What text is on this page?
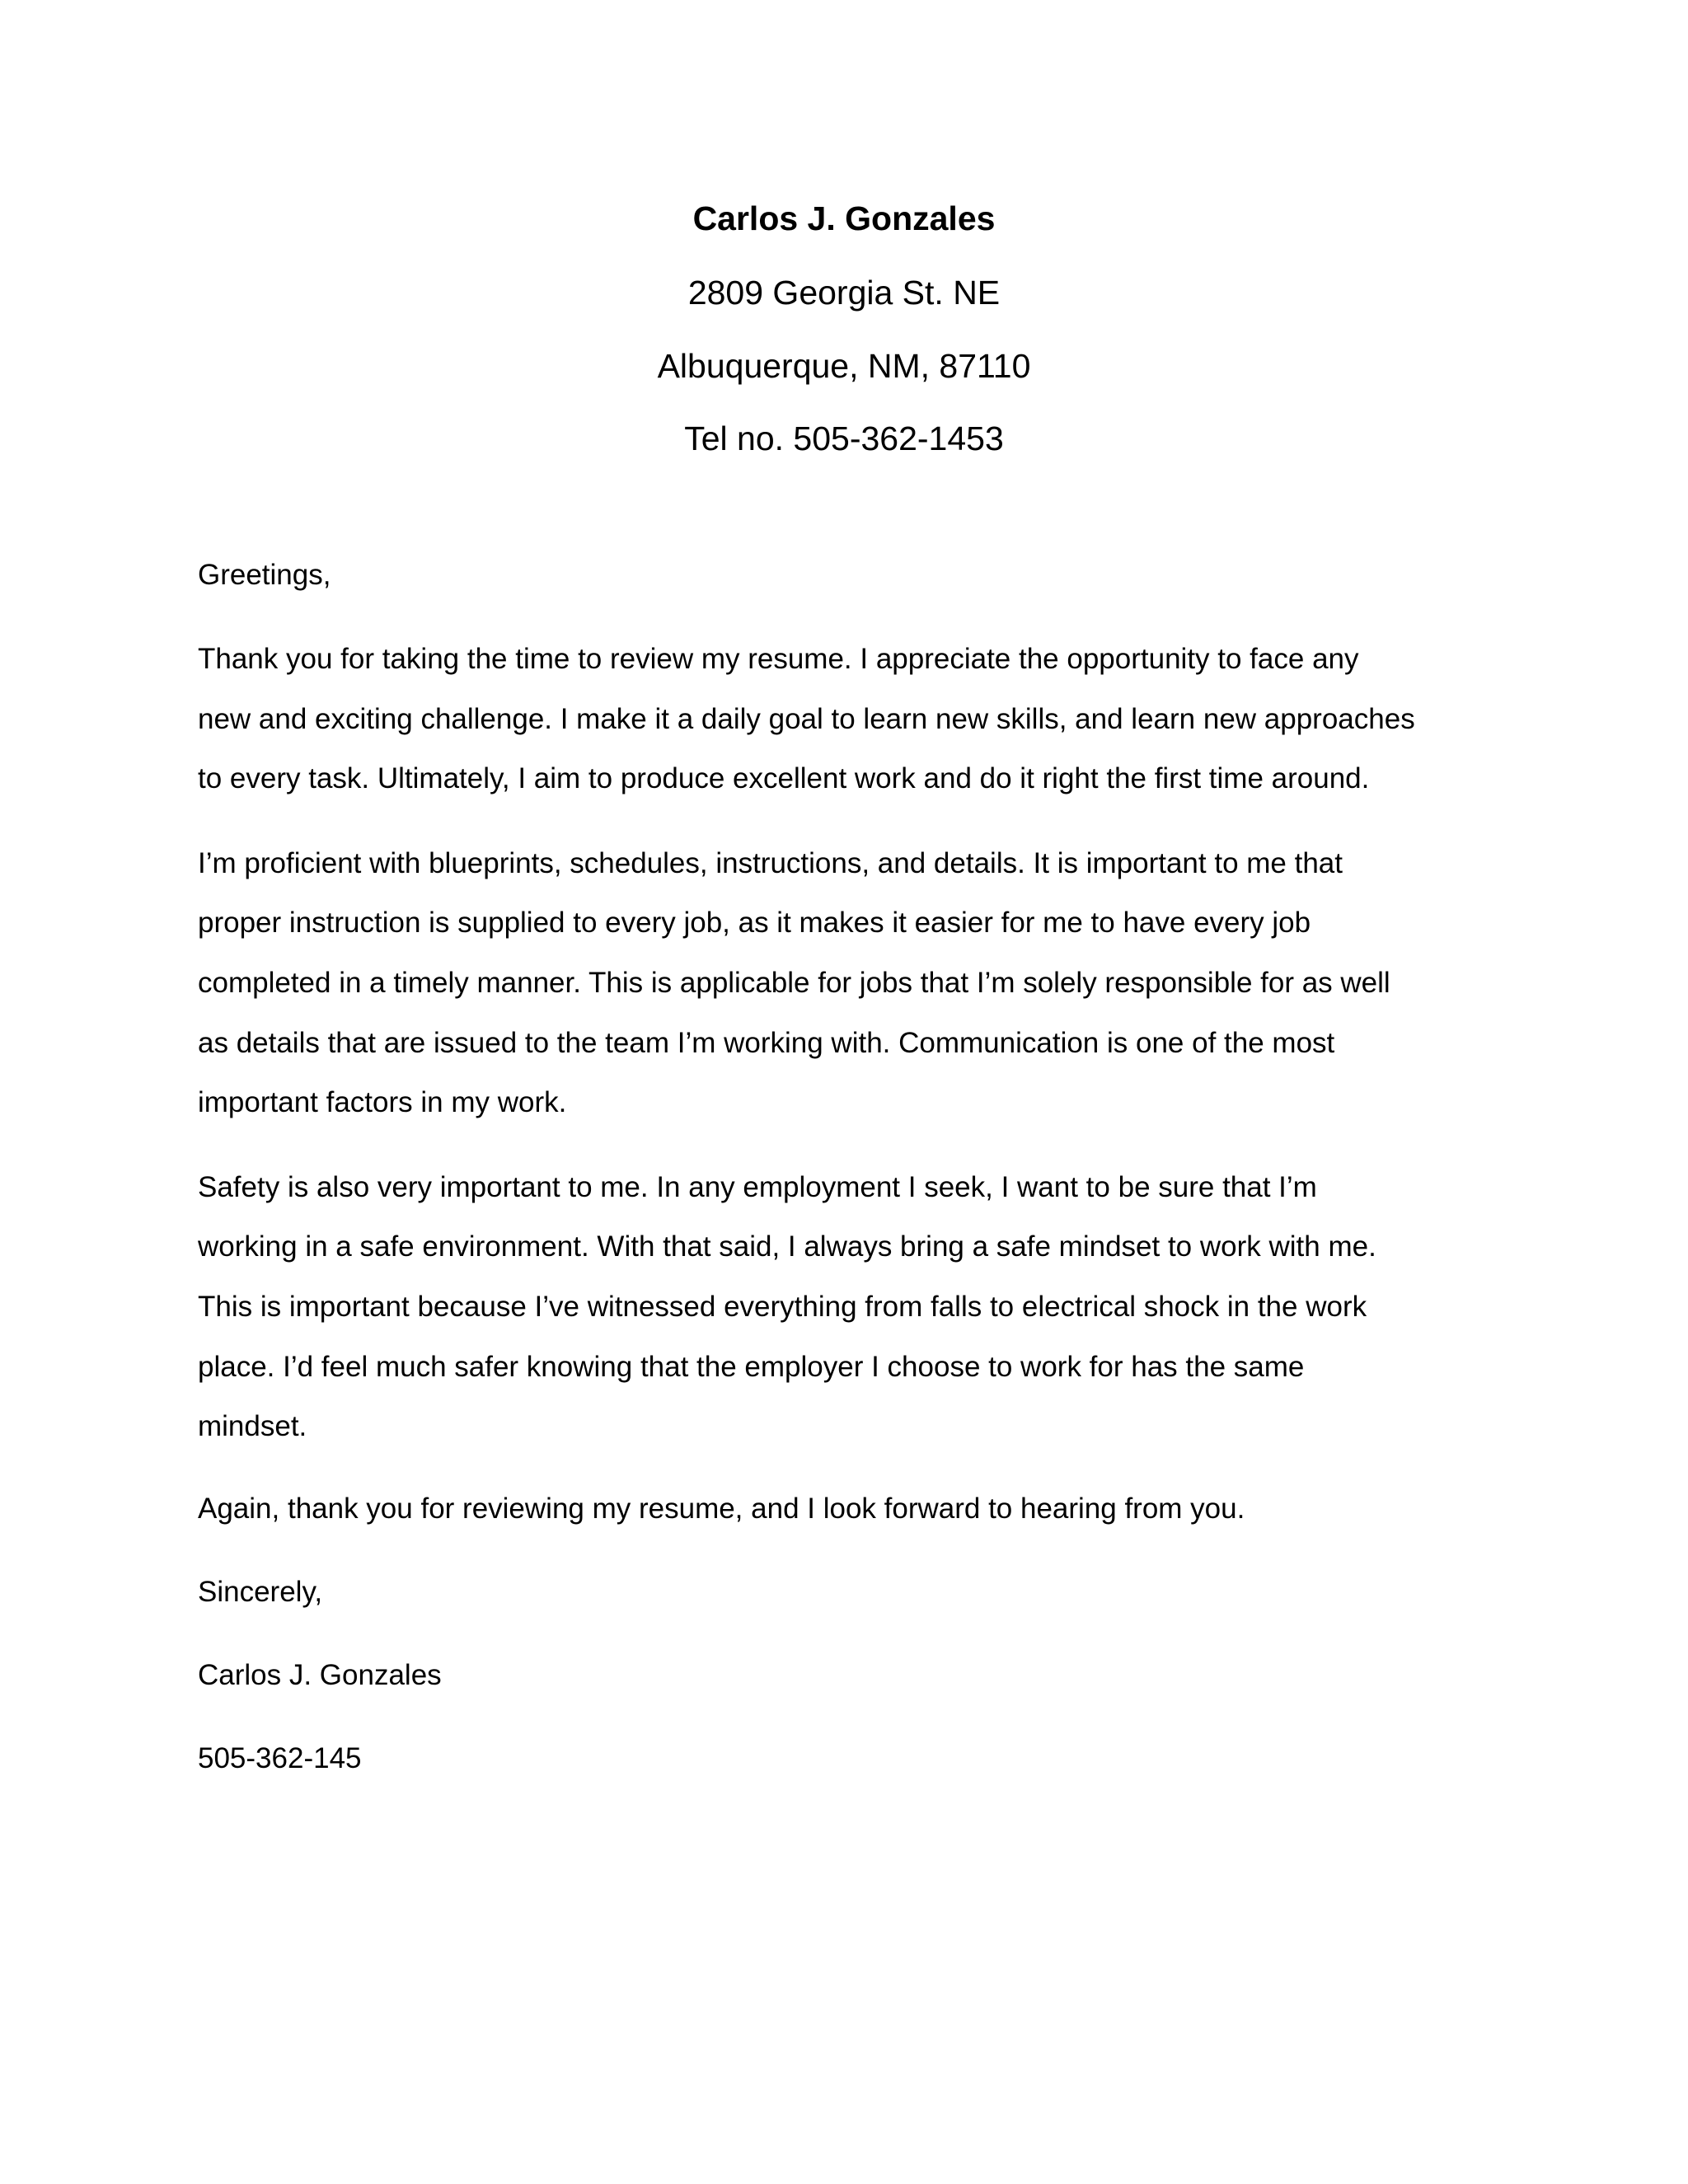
Carlos J. Gonzales
2809 Georgia St. NE
Albuquerque, NM, 87110
Tel no. 505-362-1453
Greetings,
Thank you for taking the time to review my resume. I appreciate the opportunity to face any
new and exciting challenge. I make it a daily goal to learn new skills, and learn new approaches
to every task. Ultimately, I aim to produce excellent work and do it right the first time around.
I’m proficient with blueprints, schedules, instructions, and details. It is important to me that
proper instruction is supplied to every job, as it makes it easier for me to have every job
completed in a timely manner. This is applicable for jobs that I’m solely responsible for as well
as details that are issued to the team I’m working with. Communication is one of the most
important factors in my work.
Safety is also very important to me. In any employment I seek, I want to be sure that I’m
working in a safe environment. With that said, I always bring a safe mindset to work with me.
This is important because I’ve witnessed everything from falls to electrical shock in the work
place. I’d feel much safer knowing that the employer I choose to work for has the same
mindset.
Again, thank you for reviewing my resume, and I look forward to hearing from you.
Sincerely,
Carlos J. Gonzales
505-362-145
